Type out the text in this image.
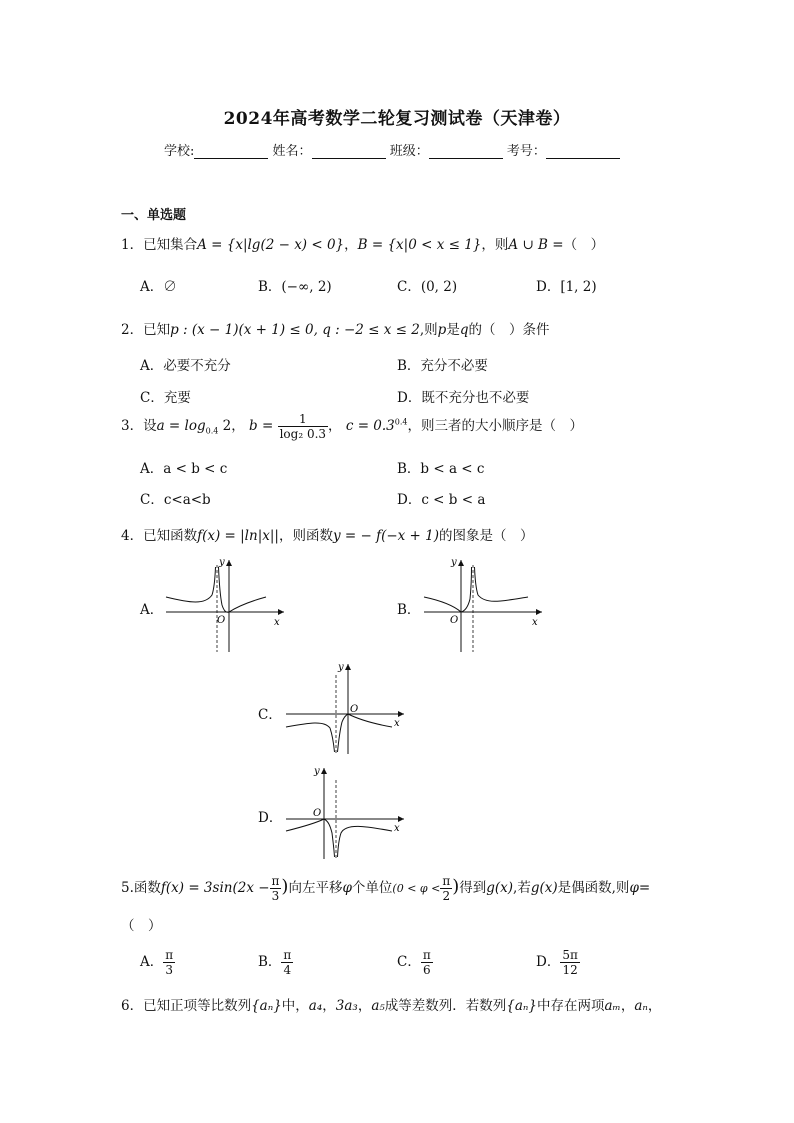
2024年高考数学二轮复习测试卷（天津卷）
学校:	姓名：	班级：	考号：
一、单选题
1．已知集合A = {x|lg(2 − x) < 0}，B = {x|0 < x ≤ 1}，则A ∪ B =（　）
A．∅	B．(−∞, 2)	C．(0, 2)	D．[1, 2)
2．已知p : (x − 1)(x + 1) ≤ 0, q : −2 ≤ x ≤ 2,则p是q的（　）条件
A．必要不充分	B．充分不必要
C．充要	D．既不充分也不必要
3．设$a = \log_{0.4} 2$， $b = \frac{1}{\text{log₂ 0.3}}$ ， $c = 0.3^{0.4}$，则三者的大小顺序是（　）
A．a < b < c	B．b < a < c
C．c<a<b	D．c < b < a
4．已知函数f(x) = |ln|x||，则函数y = − f(−x + 1)的图象是（　）
A．
y
x
O
B．
y
x
O
C．
y
x
O
D．
y
x
O
5.函数$f(x) = 3\sin(2x - \frac{\pi}{3}$ )向左平移φ个单位($0 < \varphi < \frac{\pi}{2}$ )得到g(x),若g(x)是偶函数,则φ=
（　）
A． $\frac{\pi}{3}$	B． $\frac{\pi}{4}$	C． $\frac{\pi}{6}$	D． $\frac{5\pi}{12}$
6．已知正项等比数列{aₙ}中，a₄，3a₃，a₅成等差数列．若数列{aₙ}中存在两项aₘ，aₙ，
